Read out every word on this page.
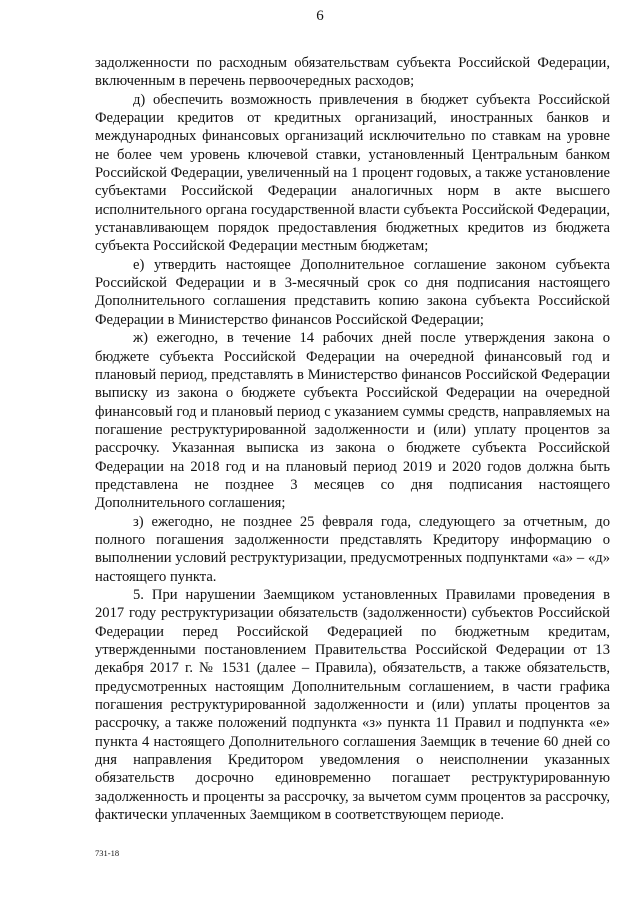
6

задолженности по расходным обязательствам субъекта Российской Федерации, включенным в перечень первоочередных расходов;

д) обеспечить возможность привлечения в бюджет субъекта Российской Федерации кредитов от кредитных организаций, иностранных банков и международных финансовых организаций исключительно по ставкам на уровне не более чем уровень ключевой ставки, установленный Центральным банком Российской Федерации, увеличенный на 1 процент годовых, а также установление субъектами Российской Федерации аналогичных норм в акте высшего исполнительного органа государственной власти субъекта Российской Федерации, устанавливающем порядок предоставления бюджетных кредитов из бюджета субъекта Российской Федерации местным бюджетам;

е) утвердить настоящее Дополнительное соглашение законом субъекта Российской Федерации и в 3-месячный срок со дня подписания настоящего Дополнительного соглашения представить копию закона субъекта Российской Федерации в Министерство финансов Российской Федерации;

ж) ежегодно, в течение 14 рабочих дней после утверждения закона о бюджете субъекта Российской Федерации на очередной финансовый год и плановый период, представлять в Министерство финансов Российской Федерации выписку из закона о бюджете субъекта Российской Федерации на очередной финансовый год и плановый период с указанием суммы средств, направляемых на погашение реструктурированной задолженности и (или) уплату процентов за рассрочку. Указанная выписка из закона о бюджете субъекта Российской Федерации на 2018 год и на плановый период 2019 и 2020 годов должна быть представлена не позднее 3 месяцев со дня подписания настоящего Дополнительного соглашения;

з) ежегодно, не позднее 25 февраля года, следующего за отчетным, до полного погашения задолженности представлять Кредитору информацию о выполнении условий реструктуризации, предусмотренных подпунктами «а» – «д» настоящего пункта.

5. При нарушении Заемщиком установленных Правилами проведения в 2017 году реструктуризации обязательств (задолженности) субъектов Российской Федерации перед Российской Федерацией по бюджетным кредитам, утвержденными постановлением Правительства Российской Федерации от 13 декабря 2017 г. № 1531 (далее – Правила), обязательств, а также обязательств, предусмотренных настоящим Дополнительным соглашением, в части графика погашения реструктурированной задолженности и (или) уплаты процентов за рассрочку, а также положений подпункта «з» пункта 11 Правил и подпункта «е» пункта 4 настоящего Дополнительного соглашения Заемщик в течение 60 дней со дня направления Кредитором уведомления о неисполнении указанных обязательств досрочно единовременно погашает реструктурированную задолженность и проценты за рассрочку, за вычетом сумм процентов за рассрочку, фактически уплаченных Заемщиком в соответствующем периоде.

731-18
